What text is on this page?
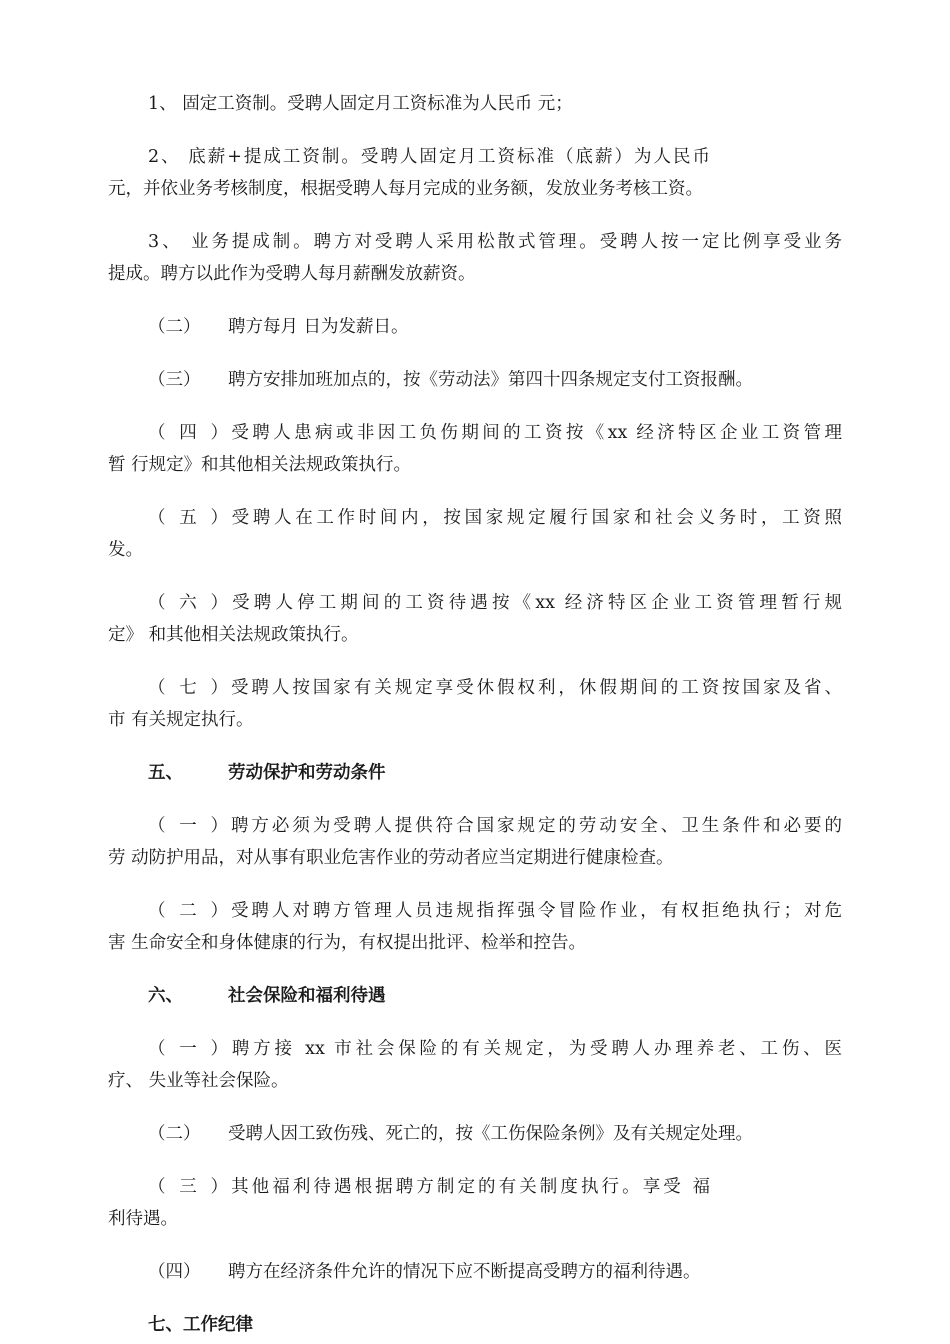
1、 固定工资制。受聘人固定月工资标准为人民币 元；
2、 底薪+提成工资制。受聘人固定月工资标准（底薪）为人民币
元，并依业务考核制度，根据受聘人每月完成的业务额，发放业务考核工资。
3、 业务提成制。聘方对受聘人采用松散式管理。受聘人按一定比例享受业务
提成。聘方以此作为受聘人每月薪酬发放薪资。
（二） 聘方每月 日为发薪日。
（三） 聘方安排加班加点的，按《劳动法》第四十四条规定支付工资报酬。
（四）受聘人患病或非因工负伤期间的工资按《xx 经济特区企业工资管理
暂 行规定》和其他相关法规政策执行。
（五）受聘人在工作时间内，按国家规定履行国家和社会义务时，工资照
发。
（六）受聘人停工期间的工资待遇按《xx 经济特区企业工资管理暂行规
定》 和其他相关法规政策执行。
（七）受聘人按国家有关规定享受休假权利，休假期间的工资按国家及省、
市 有关规定执行。
五、	劳动保护和劳动条件
（一）聘方必须为受聘人提供符合国家规定的劳动安全、卫生条件和必要的
劳 动防护用品，对从事有职业危害作业的劳动者应当定期进行健康检查。
（二）受聘人对聘方管理人员违规指挥强令冒险作业，有权拒绝执行；对危
害 生命安全和身体健康的行为，有权提出批评、检举和控告。
六、	社会保险和福利待遇
（一）聘方接 xx 市社会保险的有关规定，为受聘人办理养老、工伤、医
疗、 失业等社会保险。
（二） 受聘人因工致伤残、死亡的，按《工伤保险条例》及有关规定处理。
（三）其他福利待遇根据聘方制定的有关制度执行。享受 福
利待遇。
（四） 聘方在经济条件允许的情况下应不断提高受聘方的福利待遇。
七、工作纪律
